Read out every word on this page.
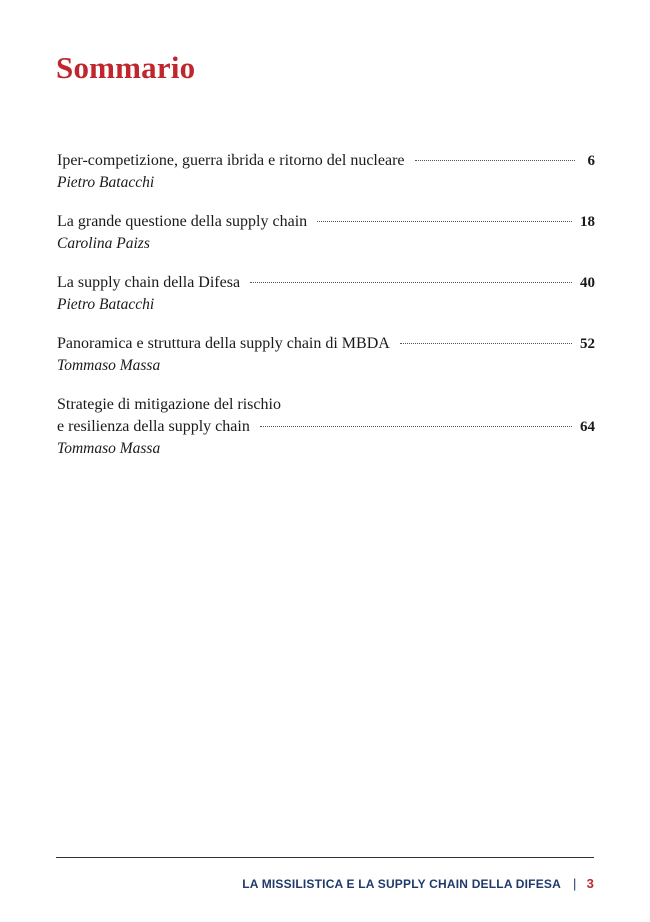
Sommario
Iper-competizione, guerra ibrida e ritorno del nucleare	6
Pietro Batacchi
La grande questione della supply chain	18
Carolina Paizs
La supply chain della Difesa	40
Pietro Batacchi
Panoramica e struttura della supply chain di MBDA	52
Tommaso Massa
Strategie di mitigazione del rischio
e resilienza della supply chain	64
Tommaso Massa
LA MISSILISTICA E LA SUPPLY CHAIN DELLA DIFESA | 3
